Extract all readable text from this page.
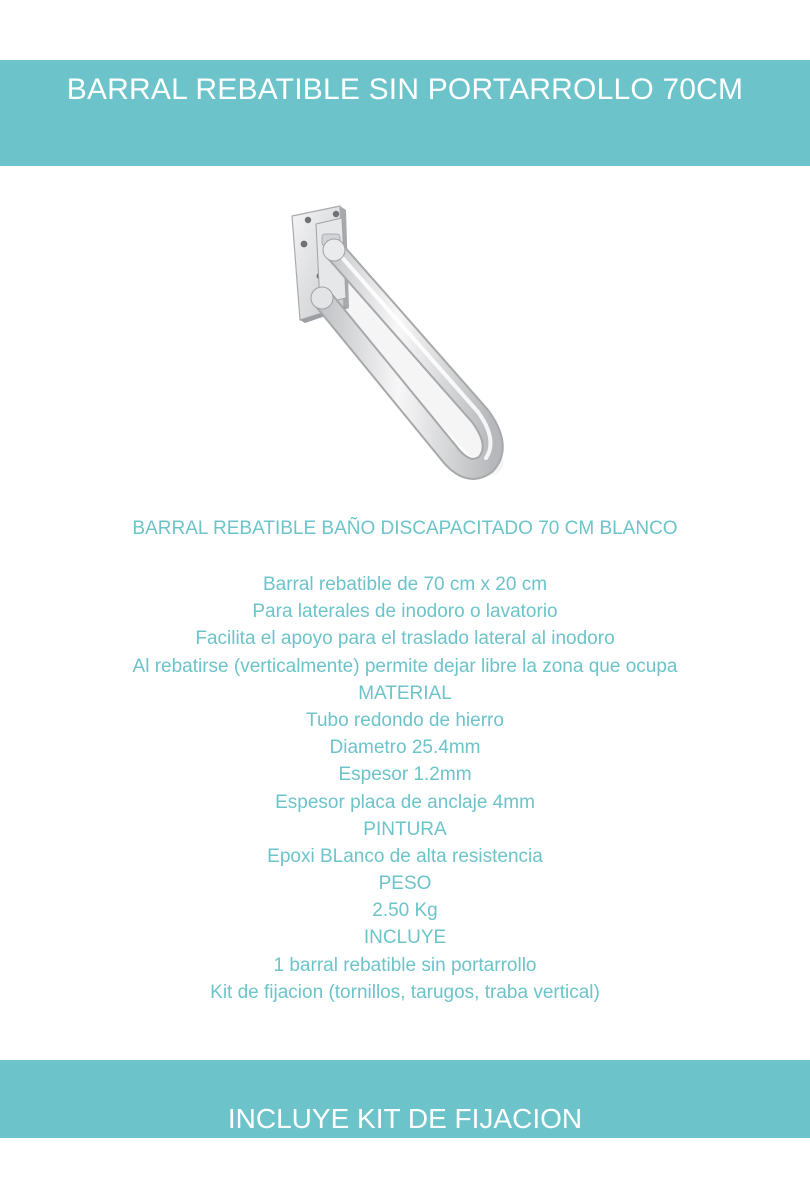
BARRAL REBATIBLE SIN PORTARROLLO 70CM
BARRAL REBATIBLE BAÑO DISCAPACITADO 70 CM BLANCO
Barral rebatible de 70 cm x 20 cm
Para laterales de inodoro o lavatorio
Facilita el apoyo para el traslado lateral al inodoro
Al rebatirse (verticalmente) permite dejar libre la zona que ocupa
MATERIAL
Tubo redondo de hierro
Diametro 25.4mm
Espesor 1.2mm
Espesor placa de anclaje 4mm
PINTURA
Epoxi BLanco de alta resistencia
PESO
2.50 Kg
INCLUYE
1 barral rebatible sin portarrollo
Kit de fijacion (tornillos, tarugos, traba vertical)
INCLUYE KIT DE FIJACION
